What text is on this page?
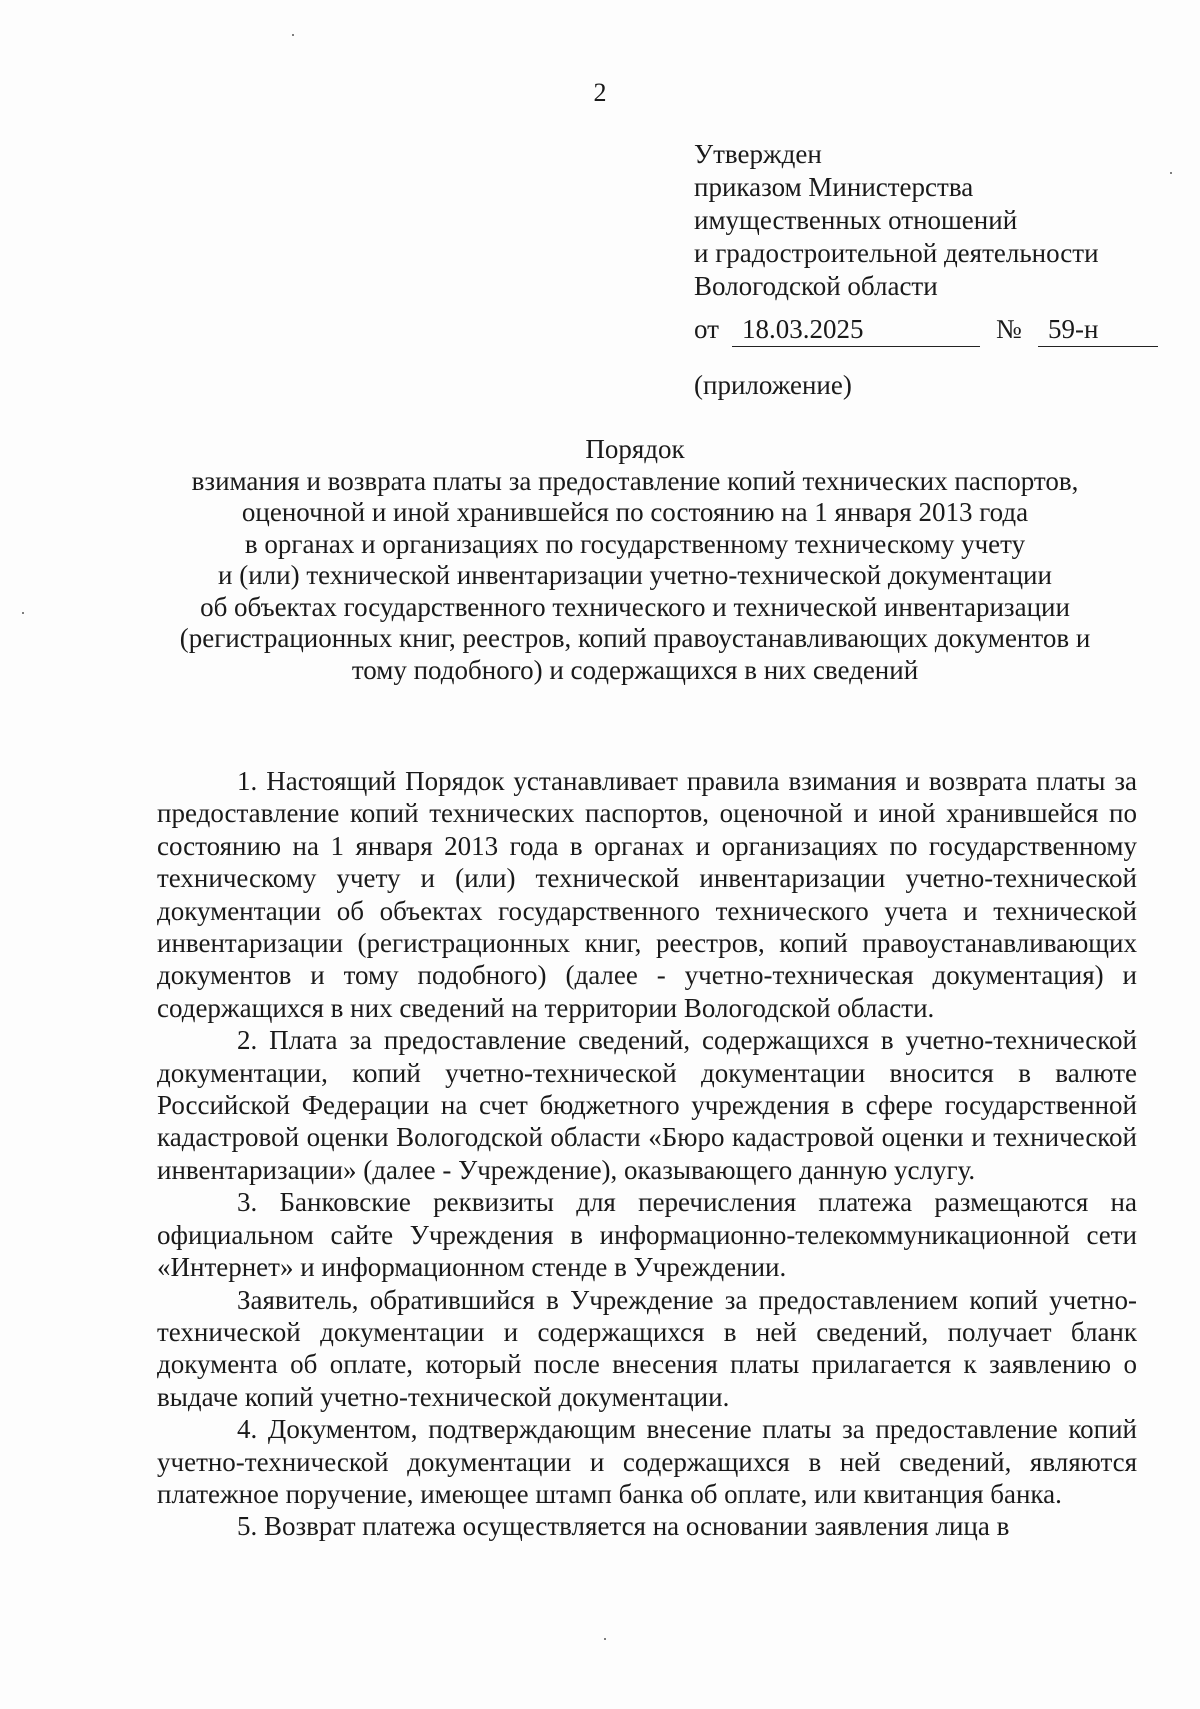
2
Утвержден
приказом Министерства
имущественных отношений
и градостроительной деятельности
Вологодской области
от 18.03.2025	№ 59-н
(приложение)
Порядок
взимания и возврата платы за предоставление копий технических паспортов,
оценочной и иной хранившейся по состоянию на 1 января 2013 года
в органах и организациях по государственному техническому учету
и (или) технической инвентаризации учетно-технической документации
об объектах государственного технического и технической инвентаризации
(регистрационных книг, реестров, копий правоустанавливающих документов и
тому подобного) и содержащихся в них сведений

1. Настоящий Порядок устанавливает правила взимания и возврата платы за предоставление копий технических паспортов, оценочной и иной хранившейся по состоянию на 1 января 2013 года в органах и организациях по государственному техническому учету и (или) технической инвентаризации учетно-технической документации об объектах государственного технического учета и технической инвентаризации (регистрационных книг, реестров, копий правоустанавливающих документов и тому подобного) (далее - учетно-техническая документация) и содержащихся в них сведений на территории Вологодской области.

2. Плата за предоставление сведений, содержащихся в учетно-технической документации, копий учетно-технической документации вносится в валюте Российской Федерации на счет бюджетного учреждения в сфере государственной кадастровой оценки Вологодской области «Бюро кадастровой оценки и технической инвентаризации» (далее - Учреждение), оказывающего данную услугу.

3. Банковские реквизиты для перечисления платежа размещаются на официальном сайте Учреждения в информационно-телекоммуникационной сети «Интернет» и информационном стенде в Учреждении.

Заявитель, обратившийся в Учреждение за предоставлением копий учетно-технической документации и содержащихся в ней сведений, получает бланк документа об оплате, который после внесения платы прилагается к заявлению о выдаче копий учетно-технической документации.

4. Документом, подтверждающим внесение платы за предоставление копий учетно-технической документации и содержащихся в ней сведений, являются платежное поручение, имеющее штамп банка об оплате, или квитанция банка.

5. Возврат платежа осуществляется на основании заявления лица в
